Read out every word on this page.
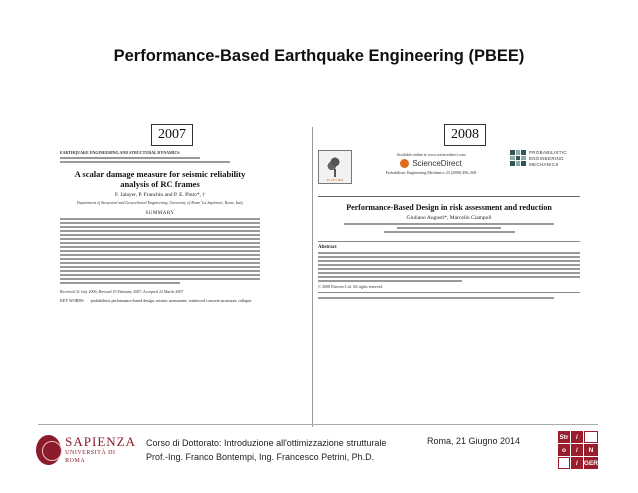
Performance-Based Earthquake Engineering (PBEE)
2007	2008
EARTHQUAKE ENGINEERING AND STRUCTURAL DYNAMICS
A scalar damage measure for seismic reliability analysis of RC frames
F. Jalayer, P. Franchin and P. E. Pinto*, †
Department of Structural and Geotechnical Engineering, University of Rome 'La Sapienza', Rome, Italy
SUMMARY
Received 31 July 2006; Revised 19 February 2007; Accepted 22 March 2007
KEY WORDS: probabilistic performance-based design; seismic assessment; reinforced concrete structures; collapse
ELSEVIER
Available online at www.sciencedirect.com
ScienceDirect
Probabilistic Engineering Mechanics 23 (2008) 496–508
PROBABILISTIC
ENGINEERING
MECHANICS
Performance-Based Design in risk assessment and reduction
Giuliano Augusti*, Marcello Ciampoli
Abstract
© 2008 Elsevier Ltd. All rights reserved.
SAPIENZA
UNIVERSITÀ DI ROMA
Corso di Dottorato: Introduzione all'ottimizzazione strutturale
Prof.-Ing. Franco Bontempi, Ing. Francesco Petrini, Ph.D.
Roma, 21 Giugno 2014	Str	/
o	/	N
/ GER
